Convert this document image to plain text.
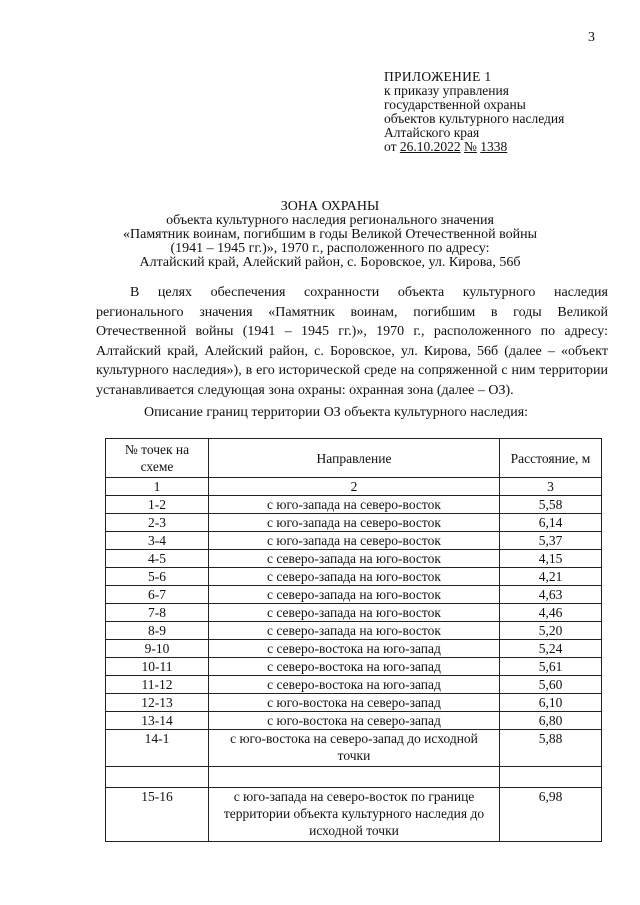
3
ПРИЛОЖЕНИЕ 1
к приказу управления
государственной охраны
объектов культурного наследия
Алтайского края
от 26.10.2022 № 1338
ЗОНА ОХРАНЫ
объекта культурного наследия регионального значения
«Памятник воинам, погибшим в годы Великой Отечественной войны
(1941 – 1945 гг.)», 1970 г., расположенного по адресу:
Алтайский край, Алейский район, с. Боровское, ул. Кирова, 56б

В целях обеспечения сохранности объекта культурного наследия регионального значения «Памятник воинам, погибшим в годы Великой Отечественной войны (1941 – 1945 гг.)», 1970 г., расположенного по адресу: Алтайский край, Алейский район, с. Боровское, ул. Кирова, 56б (далее – «объект культурного наследия»), в его исторической среде на сопряженной с ним территории устанавливается следующая зона охраны: охранная зона (далее – ОЗ).

Описание границ территории ОЗ объекта культурного наследия:
№ точек на схеме	Направление	Расстояние, м
1	2	3
1-2	с юго-запада на северо-восток	5,58
2-3	с юго-запада на северо-восток	6,14
3-4	с юго-запада на северо-восток	5,37
4-5	с северо-запада на юго-восток	4,15
5-6	с северо-запада на юго-восток	4,21
6-7	с северо-запада на юго-восток	4,63
7-8	с северо-запада на юго-восток	4,46
8-9	с северо-запада на юго-восток	5,20
9-10	с северо-востока на юго-запад	5,24
10-11	с северо-востока на юго-запад	5,61
11-12	с северо-востока на юго-запад	5,60
12-13	с юго-востока на северо-запад	6,10
13-14	с юго-востока на северо-запад	6,80
14-1	с юго-востока на северо-запад до исходной точки	5,88

15-16	с юго-запада на северо-восток по границе территории объекта культурного наследия до исходной точки	6,98
